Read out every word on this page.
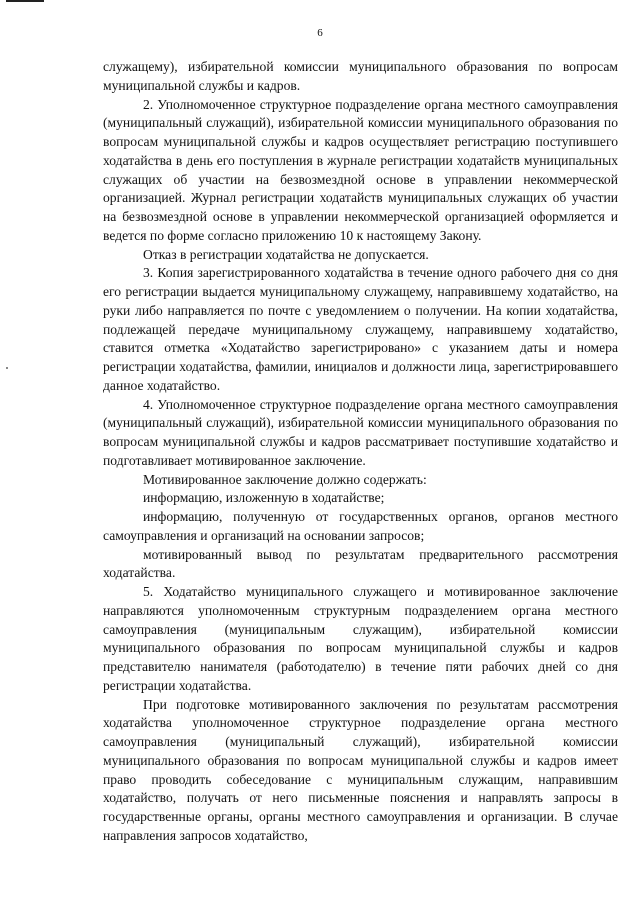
6

служащему), избирательной комиссии муниципального образования по вопросам муниципальной службы и кадров.

2. Уполномоченное структурное подразделение органа местного самоуправления (муниципальный служащий), избирательной комиссии муниципального образования по вопросам муниципальной службы и кадров осуществляет регистрацию поступившего ходатайства в день его поступления в журнале регистрации ходатайств муниципальных служащих об участии на безвозмездной основе в управлении некоммерческой организацией. Журнал регистрации ходатайств муниципальных служащих об участии на безвозмездной основе в управлении некоммерческой организацией оформляется и ведется по форме согласно приложению 10 к настоящему Закону.

Отказ в регистрации ходатайства не допускается.

3. Копия зарегистрированного ходатайства в течение одного рабочего дня со дня его регистрации выдается муниципальному служащему, направившему ходатайство, на руки либо направляется по почте с уведомлением о получении. На копии ходатайства, подлежащей передаче муниципальному служащему, направившему ходатайство, ставится отметка «Ходатайство зарегистрировано» с указанием даты и номера регистрации ходатайства, фамилии, инициалов и должности лица, зарегистрировавшего данное ходатайство.

4. Уполномоченное структурное подразделение органа местного самоуправления (муниципальный служащий), избирательной комиссии муниципального образования по вопросам муниципальной службы и кадров рассматривает поступившие ходатайство и подготавливает мотивированное заключение.

Мотивированное заключение должно содержать:

информацию, изложенную в ходатайстве;

информацию, полученную от государственных органов, органов местного самоуправления и организаций на основании запросов;

мотивированный вывод по результатам предварительного рассмотрения ходатайства.

5. Ходатайство муниципального служащего и мотивированное заключение направляются уполномоченным структурным подразделением органа местного самоуправления (муниципальным служащим), избирательной комиссии муниципального образования по вопросам муниципальной службы и кадров представителю нанимателя (работодателю) в течение пяти рабочих дней со дня регистрации ходатайства.

При подготовке мотивированного заключения по результатам рассмотрения ходатайства уполномоченное структурное подразделение органа местного самоуправления (муниципальный служащий), избирательной комиссии муниципального образования по вопросам муниципальной службы и кадров имеет право проводить собеседование с муниципальным служащим, направившим ходатайство, получать от него письменные пояснения и направлять запросы в государственные органы, органы местного самоуправления и организации. В случае направления запросов ходатайство,
